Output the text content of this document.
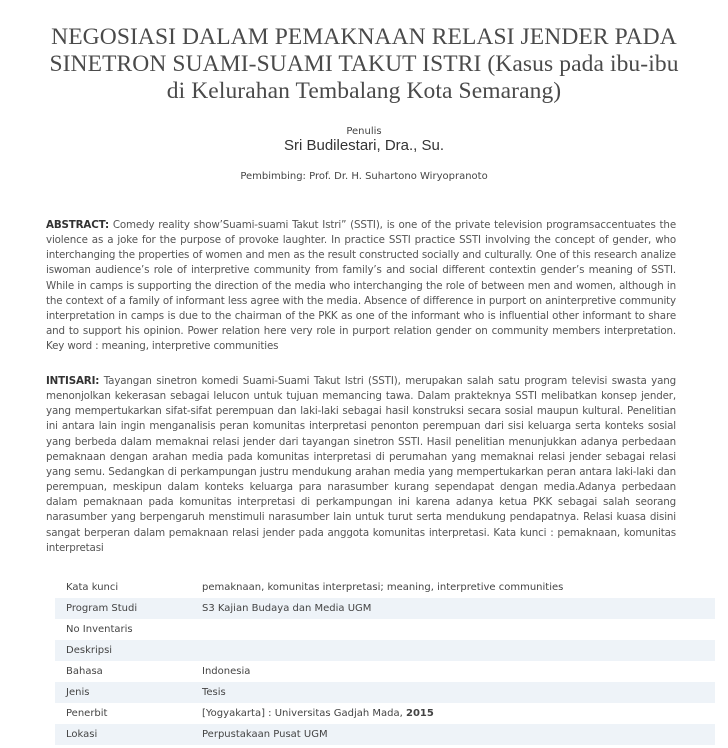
NEGOSIASI DALAM PEMAKNAAN RELASI JENDER PADA SINETRON SUAMI-SUAMI TAKUT ISTRI (Kasus pada ibu-ibu di Kelurahan Tembalang Kota Semarang)
Penulis
Sri Budilestari, Dra., Su.
Pembimbing: Prof. Dr. H. Suhartono Wiryopranoto
ABSTRACT: Comedy reality show’Suami-suami Takut Istri” (SSTI), is one of the private television programsaccentuates the violence as a joke for the purpose of provoke laughter. In practice SSTI practice SSTI involving the concept of gender, who interchanging the properties of women and men as the result constructed socially and culturally. One of this research analize iswoman audience’s role of interpretive community from family’s and social different contextin gender’s meaning of SSTI. While in camps is supporting the direction of the media who interchanging the role of between men and women, although in the context of a family of informant less agree with the media. Absence of difference in purport on aninterpretive community interpretation in camps is due to the chairman of the PKK as one of the informant who is influential other informant to share and to support his opinion. Power relation here very role in purport relation gender on community members interpretation. Key word : meaning, interpretive communities
INTISARI: Tayangan sinetron komedi Suami-Suami Takut Istri (SSTI), merupakan salah satu program televisi swasta yang menonjolkan kekerasan sebagai lelucon untuk tujuan memancing tawa. Dalam prakteknya SSTI melibatkan konsep jender, yang mempertukarkan sifat-sifat perempuan dan laki-laki sebagai hasil konstruksi secara sosial maupun kultural. Penelitian ini antara lain ingin menganalisis peran komunitas interpretasi penonton perempuan dari sisi keluarga serta konteks sosial yang berbeda dalam memaknai relasi jender dari tayangan sinetron SSTI. Hasil penelitian menunjukkan adanya perbedaan pemaknaan dengan arahan media pada komunitas interpretasi di perumahan yang memaknai relasi jender sebagai relasi yang semu. Sedangkan di perkampungan justru mendukung arahan media yang mempertukarkan peran antara laki-laki dan perempuan, meskipun dalam konteks keluarga para narasumber kurang sependapat dengan media.Adanya perbedaan dalam pemaknaan pada komunitas interpretasi di perkampungan ini karena adanya ketua PKK sebagai salah seorang narasumber yang berpengaruh menstimuli narasumber lain untuk turut serta mendukung pendapatnya. Relasi kuasa disini sangat berperan dalam pemaknaan relasi jender pada anggota komunitas interpretasi. Kata kunci : pemaknaan, komunitas interpretasi
Kata kunci	pemaknaan, komunitas interpretasi; meaning, interpretive communities
Program Studi	S3 Kajian Budaya dan Media UGM
No Inventaris	
Deskripsi	
Bahasa	Indonesia
Jenis	Tesis
Penerbit	[Yogyakarta] : Universitas Gadjah Mada, 2015
Lokasi	Perpustakaan Pusat UGM
